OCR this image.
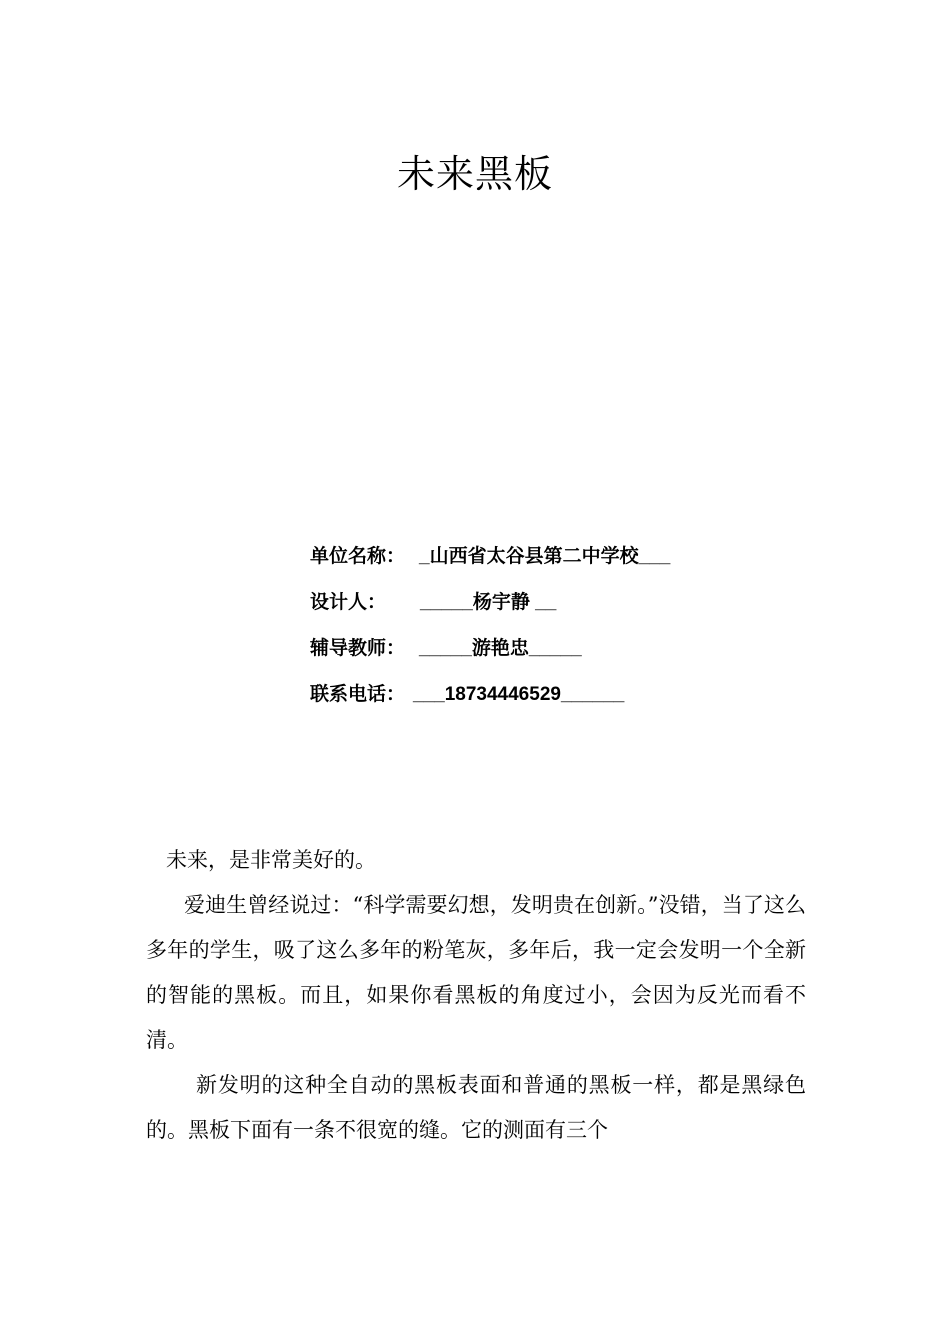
未来黑板
单位名称： _山西省太谷县第二中学校___
设计人： _____杨宇静 __
辅导教师： _____游艳忠_____
联系电话： ___18734446529______

未来，是非常美好的。

爱迪生曾经说过：“科学需要幻想，发明贵在创新。”没错，当了这么多年的学生，吸了这么多年的粉笔灰，多年后，我一定会发明一个全新的智能的黑板。而且，如果你看黑板的角度过小，会因为反光而看不清。

新发明的这种全自动的黑板表面和普通的黑板一样，都是黑绿色的。黑板下面有一条不很宽的缝。它的测面有三个
